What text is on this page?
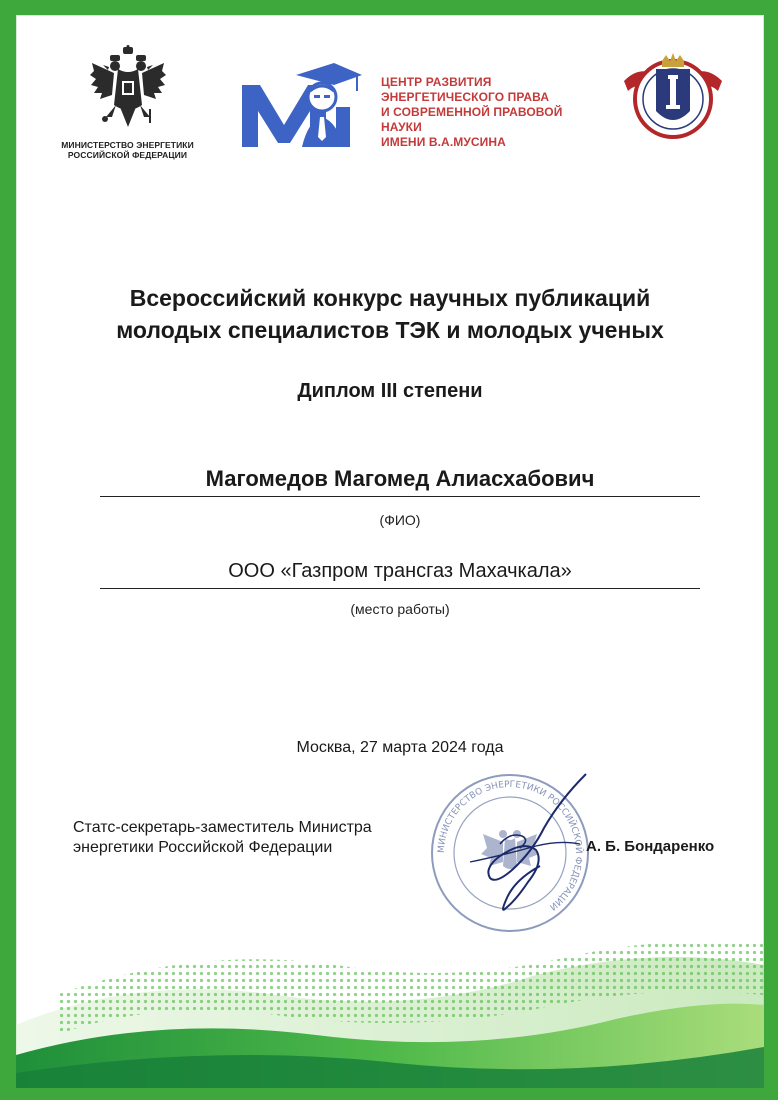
МИНИСТЕРСТВО ЭНЕРГЕТИКИ
РОССИЙСКОЙ ФЕДЕРАЦИИ
ЦЕНТР РАЗВИТИЯ
ЭНЕРГЕТИЧЕСКОГО ПРАВА
И СОВРЕМЕННОЙ ПРАВОВОЙ НАУКИ
ИМЕНИ В.А.МУСИНА
Всероссийский конкурс научных публикаций
молодых специалистов ТЭК и молодых ученых
Диплом III степени
Магомедов Магомед Алиасхабович
(ФИО)
ООО «Газпром трансгаз Махачкала»
(место работы)
Москва, 27 марта 2024 года
МИНИСТЕРСТВО ЭНЕРГЕТИКИ РОССИЙСКОЙ ФЕДЕРАЦИИ
Статс-секретарь-заместитель Министра
энергетики Российской Федерации	А. Б. Бондаренко
